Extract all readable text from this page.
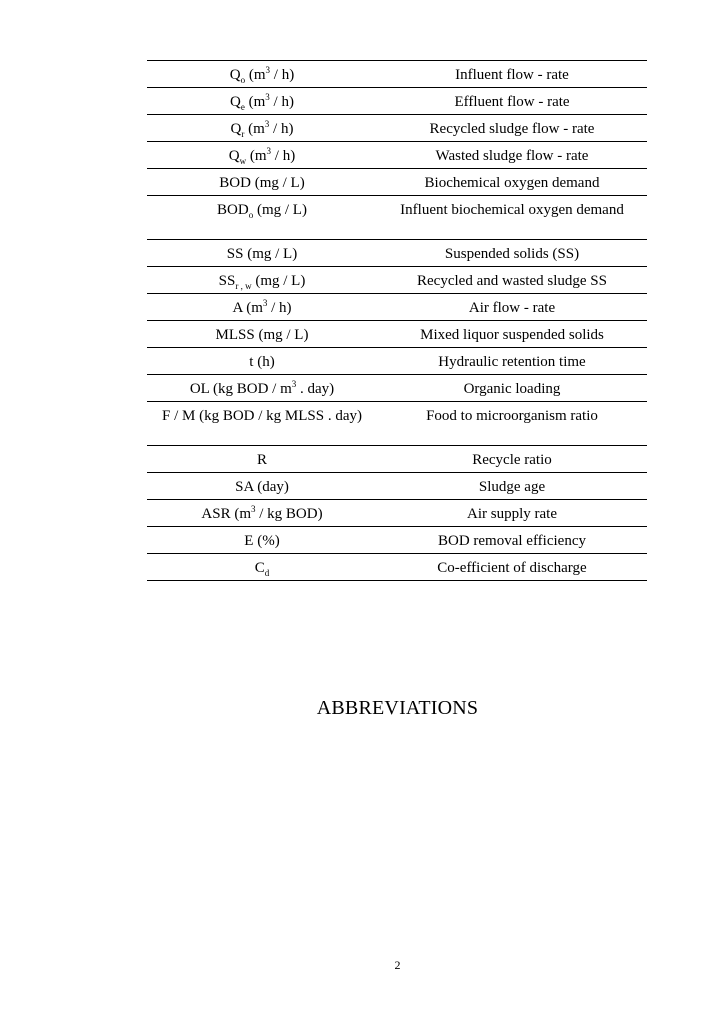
$Q_o$ $(m^3 / h)$	Influent flow - rate
$Q_e$ $(m^3 / h)$	Effluent flow - rate
$Q_r$ $(m^3 / h)$	Recycled sludge flow - rate
$Q_w$ $(m^3 / h)$	Wasted sludge flow - rate
BOD (mg / L)	Biochemical oxygen demand
$BOD_o$ (mg / L)	Influent biochemical oxygen demand
SS (mg / L)	Suspended solids (SS)
$SS_{r , w}$ (mg / L)	Recycled and wasted sludge SS
A $(m^3 / h)$	Air flow - rate
MLSS (mg / L)	Mixed liquor suspended solids
t (h)	Hydraulic retention time
OL (kg BOD / $m^3$ . day)	Organic loading
F / M (kg BOD / kg MLSS . day)	Food to microorganism ratio
R	Recycle ratio
SA (day)	Sludge age
ASR ($m^3$ / kg BOD)	Air supply rate
E (%)	BOD removal efficiency
$C_d$	Co-efficient of discharge
ABBREVIATIONS
2
